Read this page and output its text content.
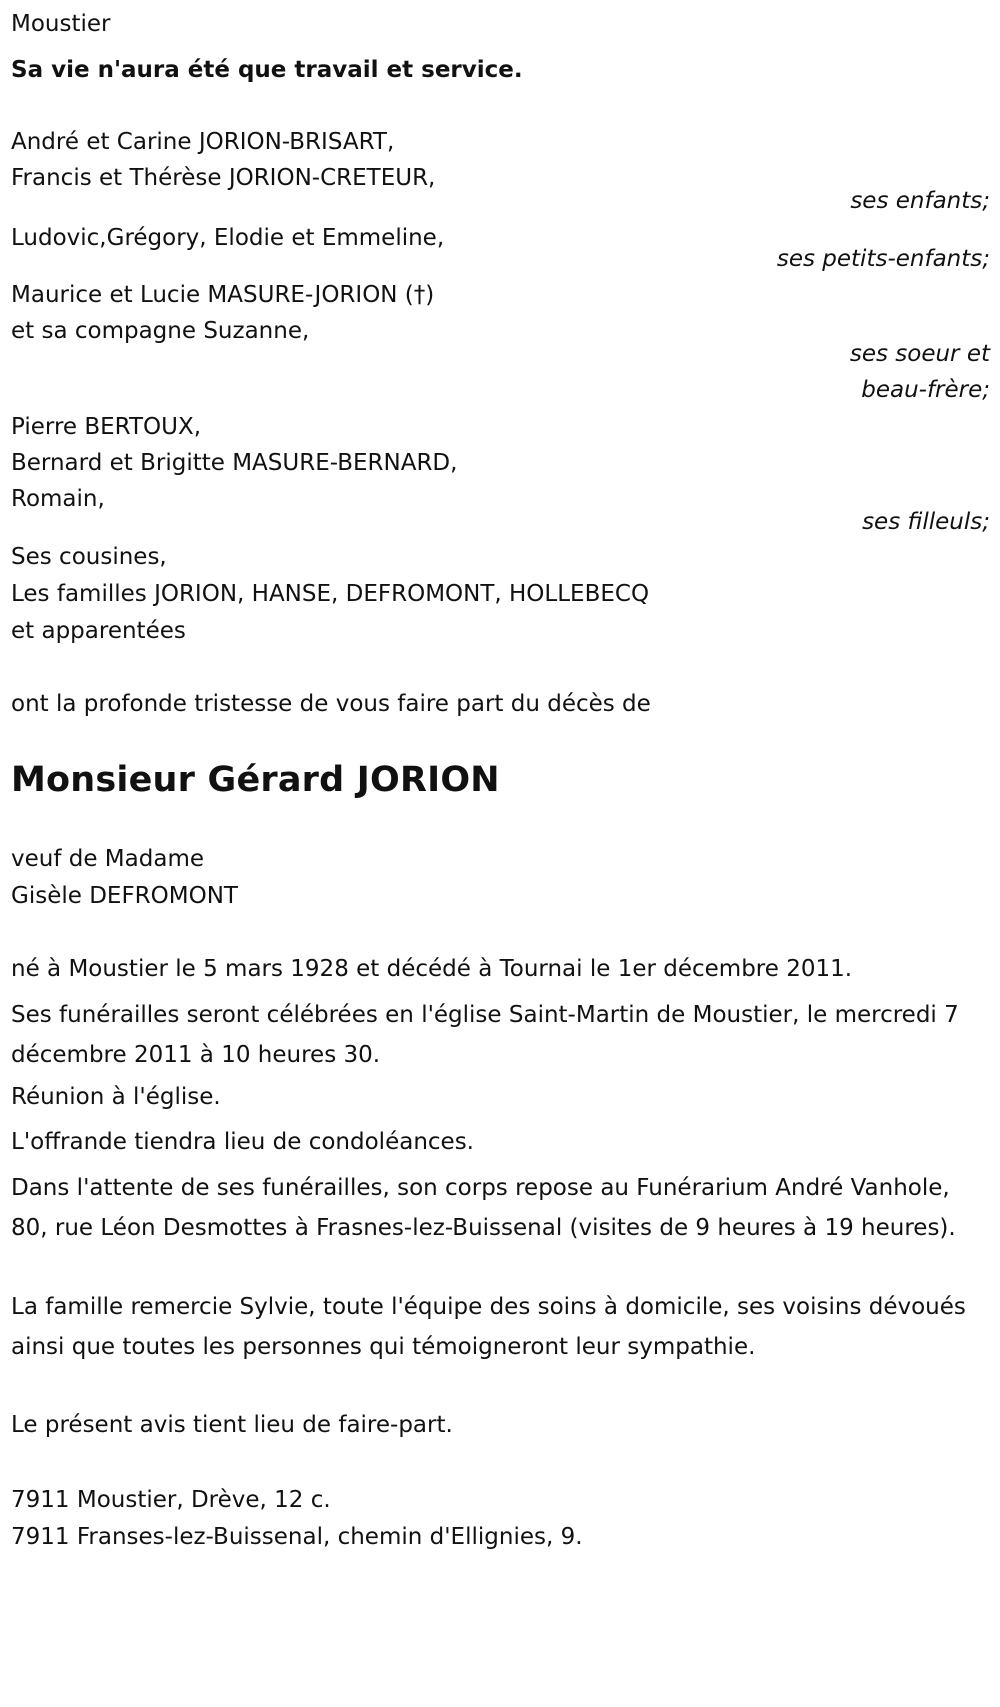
Moustier
Sa vie n'aura été que travail et service.
André et Carine JORION-BRISART,
Francis et Thérèse JORION-CRETEUR,
ses enfants;
Ludovic,Grégory, Elodie et Emmeline,
ses petits-enfants;
Maurice et Lucie MASURE-JORION (†)
et sa compagne Suzanne,
ses soeur et
beau-frère;
Pierre BERTOUX,
Bernard et Brigitte MASURE-BERNARD,
Romain,
ses filleuls;
Ses cousines,
Les familles JORION, HANSE, DEFROMONT, HOLLEBECQ
et apparentées
ont la profonde tristesse de vous faire part du décès de
Monsieur Gérard JORION
veuf de Madame
Gisèle DEFROMONT
né à Moustier le 5 mars 1928 et décédé à Tournai le 1er décembre 2011.
Ses funérailles seront célébrées en l'église Saint-Martin de Moustier, le mercredi 7 décembre 2011 à 10 heures 30.
Réunion à l'église.
L'offrande tiendra lieu de condoléances.
Dans l'attente de ses funérailles, son corps repose au Funérarium André Vanhole, 80, rue Léon Desmottes à Frasnes-lez-Buissenal (visites de 9 heures à 19 heures).
La famille remercie Sylvie, toute l'équipe des soins à domicile, ses voisins dévoués ainsi que toutes les personnes qui témoigneront leur sympathie.
Le présent avis tient lieu de faire-part.
7911 Moustier, Drève, 12 c.
7911 Franses-lez-Buissenal, chemin d'Ellignies, 9.
